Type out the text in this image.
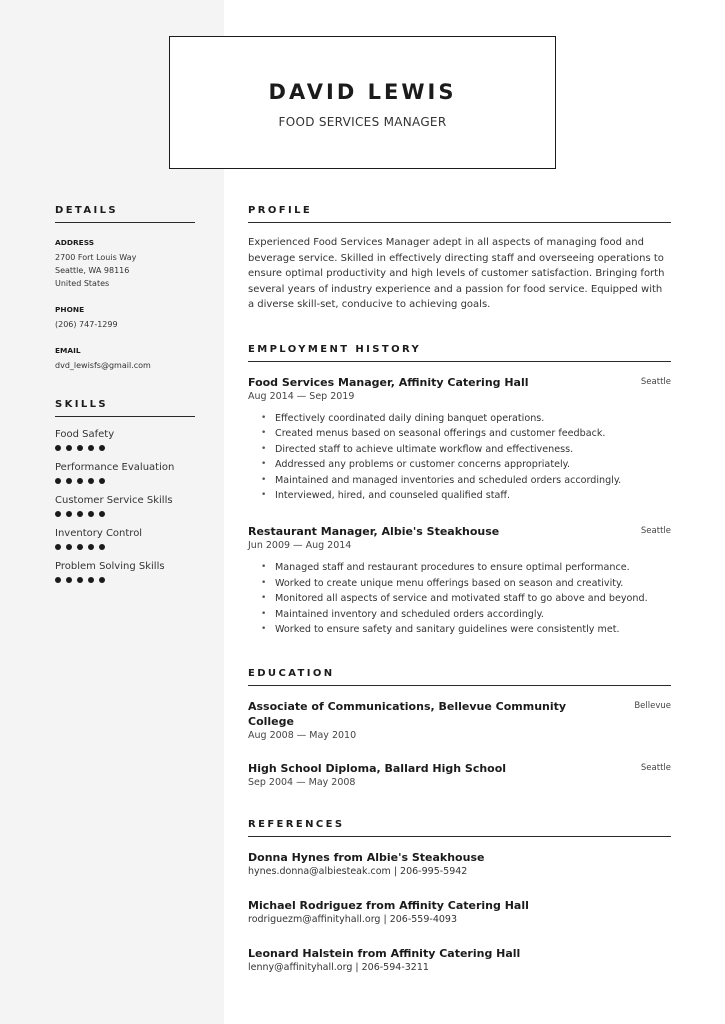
DAVID LEWIS
FOOD SERVICES MANAGER
DETAILS
ADDRESS
2700 Fort Louis Way
Seattle, WA 98116
United States
PHONE
(206) 747-1299
EMAIL
dvd_lewisfs@gmail.com
SKILLS
Food Safety
Performance Evaluation
Customer Service Skills
Inventory Control
Problem Solving Skills
PROFILE
Experienced Food Services Manager adept in all aspects of managing food and beverage service. Skilled in effectively directing staff and overseeing operations to ensure optimal productivity and high levels of customer satisfaction. Bringing forth several years of industry experience and a passion for food service. Equipped with a diverse skill-set, conducive to achieving goals.
EMPLOYMENT HISTORY
Food Services Manager, Affinity Catering Hall	Seattle
Aug 2014 — Sep 2019
• Effectively coordinated daily dining banquet operations.
• Created menus based on seasonal offerings and customer feedback.
• Directed staff to achieve ultimate workflow and effectiveness.
• Addressed any problems or customer concerns appropriately.
• Maintained and managed inventories and scheduled orders accordingly.
• Interviewed, hired, and counseled qualified staff.
Restaurant Manager, Albie's Steakhouse	Seattle
Jun 2009 — Aug 2014
• Managed staff and restaurant procedures to ensure optimal performance.
• Worked to create unique menu offerings based on season and creativity.
• Monitored all aspects of service and motivated staff to go above and beyond.
• Maintained inventory and scheduled orders accordingly.
• Worked to ensure safety and sanitary guidelines were consistently met.
EDUCATION
Associate of Communications, Bellevue Community College
Bellevue
Aug 2008 — May 2010
High School Diploma, Ballard High School	Seattle
Sep 2004 — May 2008
REFERENCES
Donna Hynes from Albie's Steakhouse
hynes.donna@albiesteak.com | 206-995-5942
Michael Rodriguez from Affinity Catering Hall
rodriguezm@affinityhall.org | 206-559-4093
Leonard Halstein from Affinity Catering Hall
lenny@affinityhall.org | 206-594-3211
